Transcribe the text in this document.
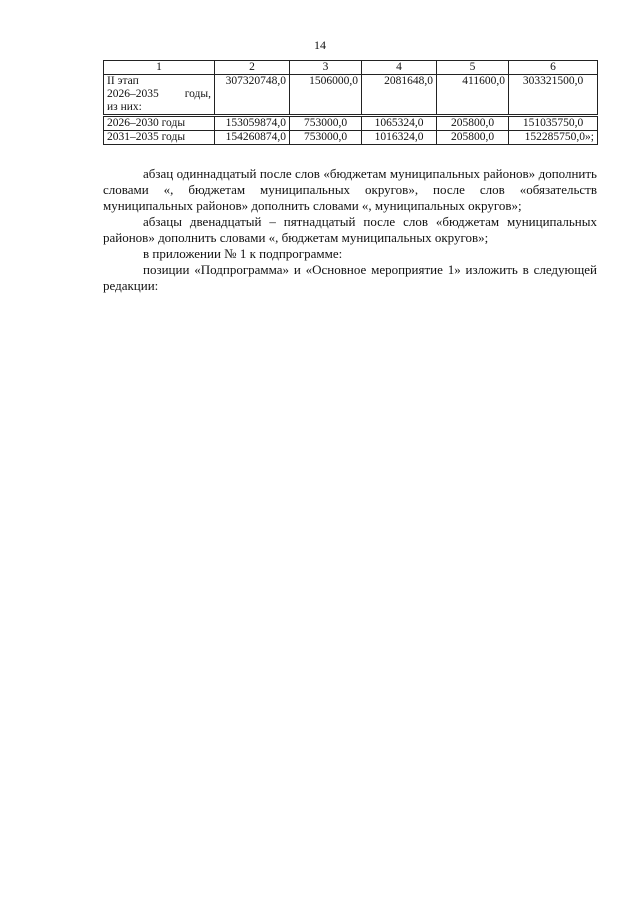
14
1	2	3	4	5	6

II этап
2026–2035 годы,
из них:	307320748,0	1506000,0	2081648,0	411600,0	303321500,0
2026–2030 годы	153059874,0	753000,0	1065324,0	205800,0	151035750,0
2031–2035 годы	154260874,0	753000,0	1016324,0	205800,0	152285750,0»;

абзац одиннадцатый после слов «бюджетам муниципальных районов» дополнить словами «, бюджетам муниципальных округов», после слов «обязательств муниципальных районов» дополнить словами «, муниципальных округов»;

абзацы двенадцатый – пятнадцатый после слов «бюджетам муниципальных районов» дополнить словами «, бюджетам муниципальных округов»;

в приложении № 1 к подпрограмме:

позиции «Подпрограмма» и «Основное мероприятие 1» изложить в следующей редакции:
